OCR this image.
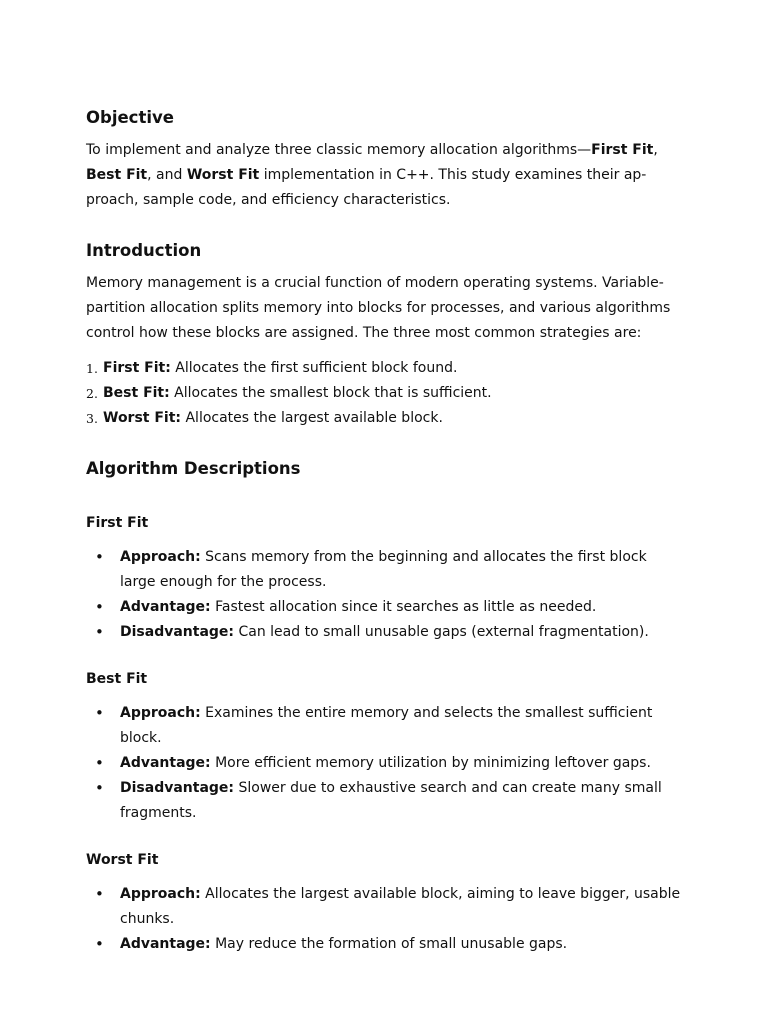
Objective

To implement and analyze three classic memory allocation algorithms—First Fit,
Best Fit, and Worst Fit implementation in C++. This study examines their ap-
proach, sample code, and efficiency characteristics.

Introduction

Memory management is a crucial function of modern operating systems. Variable-
partition allocation splits memory into blocks for processes, and various algorithms
control how these blocks are assigned. The three most common strategies are:

1. First Fit: Allocates the first sufficient block found.
2. Best Fit: Allocates the smallest block that is sufficient.
3. Worst Fit: Allocates the largest available block.
Algorithm Descriptions
First Fit
• Approach: Scans memory from the beginning and allocates the first block large enough for the process.
• Advantage: Fastest allocation since it searches as little as needed.
• Disadvantage: Can lead to small unusable gaps (external fragmentation).
Best Fit
• Approach: Examines the entire memory and selects the smallest sufficient block.
• Advantage: More efficient memory utilization by minimizing leftover gaps.
• Disadvantage: Slower due to exhaustive search and can create many small fragments.
Worst Fit
• Approach: Allocates the largest available block, aiming to leave bigger, usable chunks.
• Advantage: May reduce the formation of small unusable gaps.
